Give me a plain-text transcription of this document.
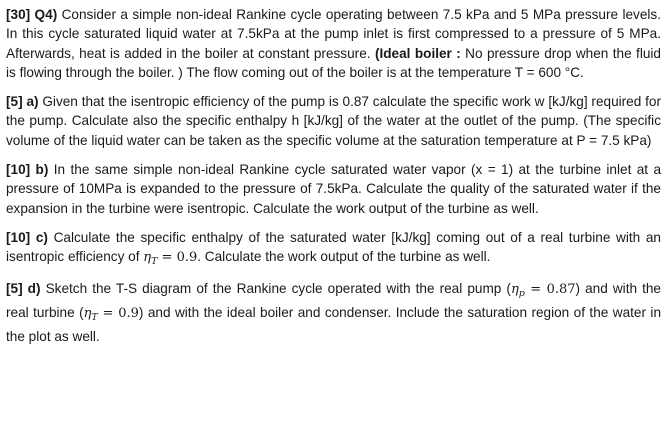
[30] Q4) Consider a simple non-ideal Rankine cycle operating between 7.5 kPa and 5 MPa pressure levels. In this cycle saturated liquid water at 7.5kPa at the pump inlet is first compressed to a pressure of 5 MPa. Afterwards, heat is added in the boiler at constant pressure. (Ideal boiler : No pressure drop when the fluid is flowing through the boiler. ) The flow coming out of the boiler is at the temperature T = 600 °C.

[5] a) Given that the isentropic efficiency of the pump is 0.87 calculate the specific work w [kJ/kg] required for the pump. Calculate also the specific enthalpy h [kJ/kg] of the water at the outlet of the pump. (The specific volume of the liquid water can be taken as the specific volume at the saturation temperature at P = 7.5 kPa)

[10] b) In the same simple non-ideal Rankine cycle saturated water vapor (x = 1) at the turbine inlet at a pressure of 10MPa is expanded to the pressure of 7.5kPa. Calculate the quality of the saturated water if the expansion in the turbine were isentropic. Calculate the work output of the turbine as well.

[10] c) Calculate the specific enthalpy of the saturated water [kJ/kg] coming out of a real turbine with an isentropic efficiency of $\eta_T = 0.9$. Calculate the work output of the turbine as well.

[5] d) Sketch the T-S diagram of the Rankine cycle operated with the real pump $(\eta_p = 0.87)$ and with the real turbine $(\eta_T = 0.9)$ and with the ideal boiler and condenser. Include the saturation region of the water in the plot as well.
